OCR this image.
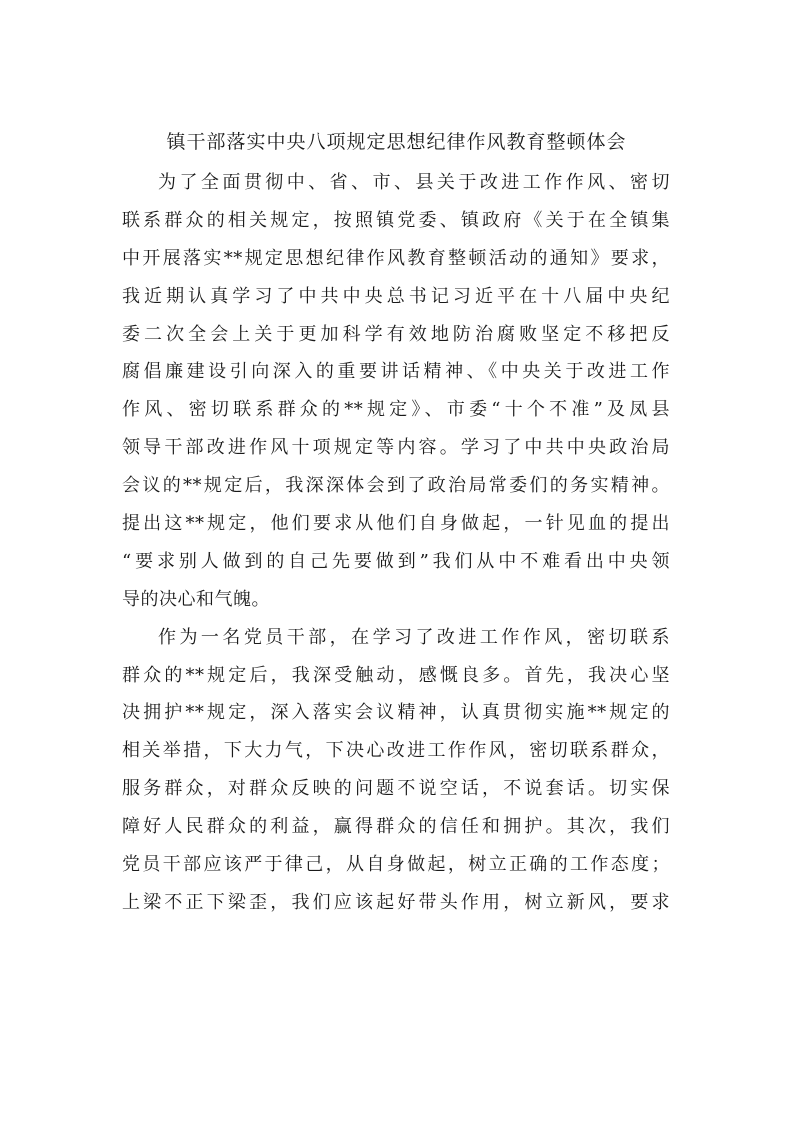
镇干部落实中央八项规定思想纪律作风教育整顿体会
为了全面贯彻中、省、市、县关于改进工作作风、密切
联系群众的相关规定，按照镇党委、镇政府《关于在全镇集
中开展落实**规定思想纪律作风教育整顿活动的通知》要求，
我近期认真学习了中共中央总书记习近平在十八届中央纪
委二次全会上关于更加科学有效地防治腐败坚定不移把反
腐倡廉建设引向深入的重要讲话精神、《中央关于改进工作
作风、密切联系群众的**规定》、市委“十个不准”及凤县
领导干部改进作风十项规定等内容。学习了中共中央政治局
会议的**规定后，我深深体会到了政治局常委们的务实精神。
提出这**规定，他们要求从他们自身做起，一针见血的提出
“要求别人做到的自己先要做到”我们从中不难看出中央领
导的决心和气魄。
作为一名党员干部，在学习了改进工作作风，密切联系
群众的**规定后，我深受触动，感慨良多。首先，我决心坚
决拥护**规定，深入落实会议精神，认真贯彻实施**规定的
相关举措，下大力气，下决心改进工作作风，密切联系群众，
服务群众，对群众反映的问题不说空话，不说套话。切实保
障好人民群众的利益，赢得群众的信任和拥护。其次，我们
党员干部应该严于律己，从自身做起，树立正确的工作态度；
上梁不正下梁歪，我们应该起好带头作用，树立新风，要求
